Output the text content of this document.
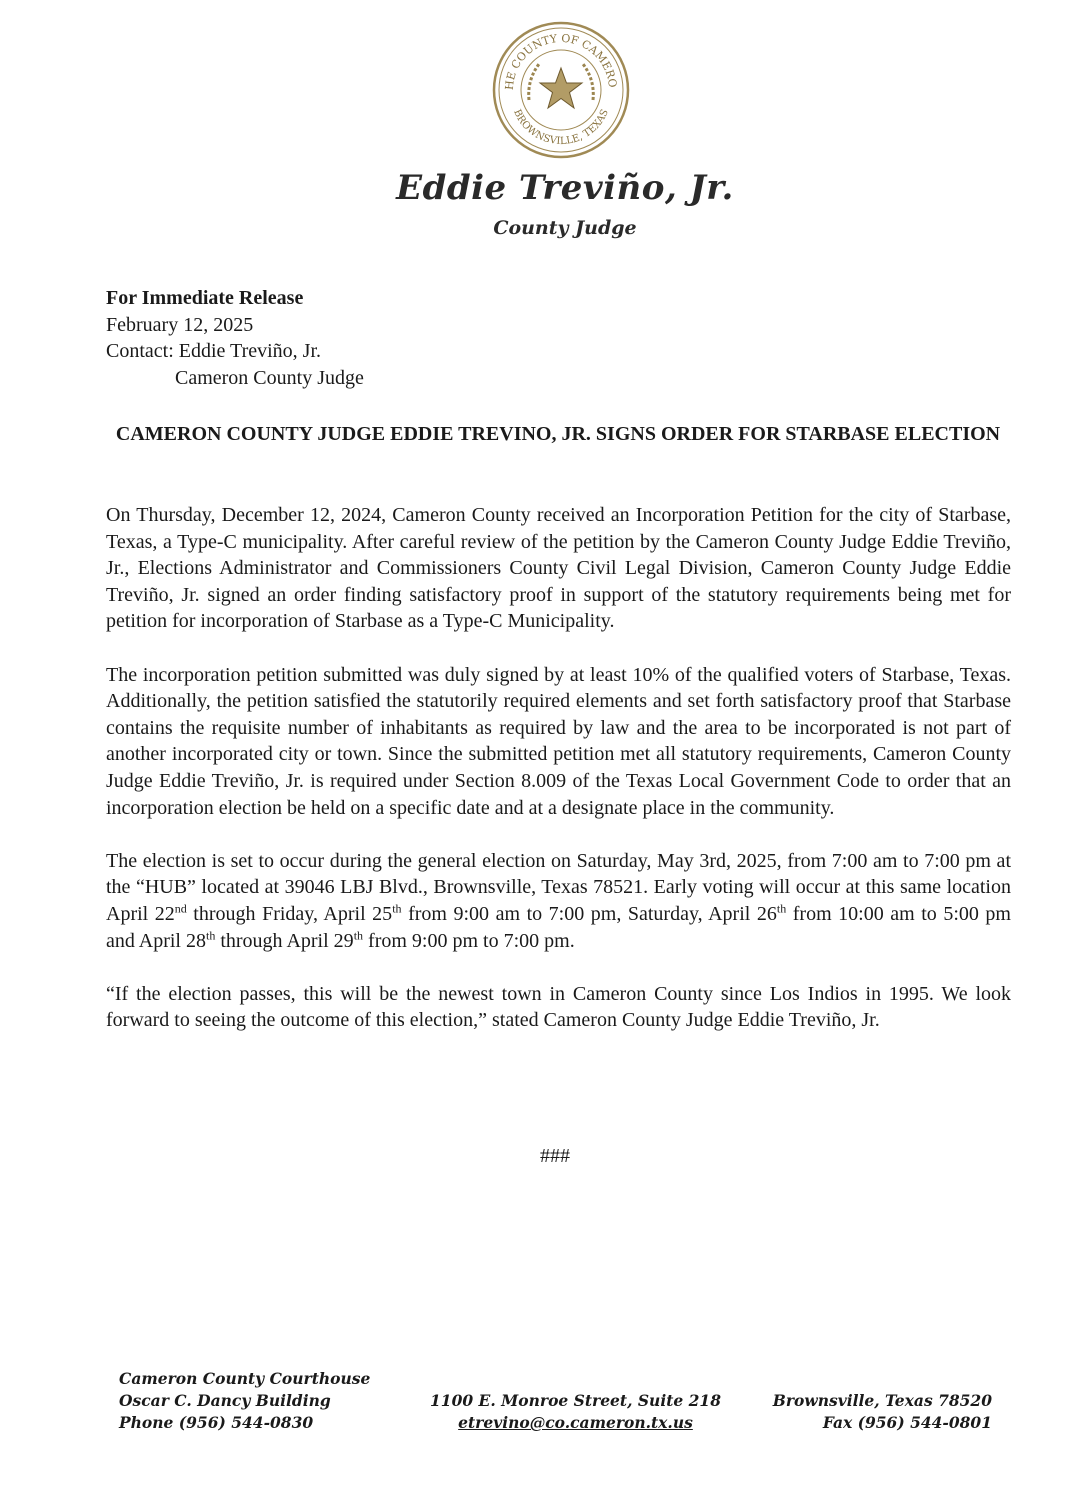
HE COUNTY OF CAMERO
BROWNSVILLE, TEXAS
Eddie Treviño, Jr.
County Judge
For Immediate Release
February 12, 2025
Contact: Eddie Treviño, Jr.
Cameron County Judge
CAMERON COUNTY JUDGE EDDIE TREVINO, JR. SIGNS ORDER FOR STARBASE ELECTION

On Thursday, December 12, 2024, Cameron County received an Incorporation Petition for the city of Starbase, Texas, a Type-C municipality. After careful review of the petition by the Cameron County Judge Eddie Treviño, Jr., Elections Administrator and Commissioners County Civil Legal Division, Cameron County Judge Eddie Treviño, Jr. signed an order finding satisfactory proof in support of the statutory requirements being met for petition for incorporation of Starbase as a Type-C Municipality.

The incorporation petition submitted was duly signed by at least 10% of the qualified voters of Starbase, Texas. Additionally, the petition satisfied the statutorily required elements and set forth satisfactory proof that Starbase contains the requisite number of inhabitants as required by law and the area to be incorporated is not part of another incorporated city or town. Since the submitted petition met all statutory requirements, Cameron County Judge Eddie Treviño, Jr. is required under Section 8.009 of the Texas Local Government Code to order that an incorporation election be held on a specific date and at a designate place in the community.

The election is set to occur during the general election on Saturday, May 3rd, 2025, from 7:00 am to 7:00 pm at the “HUB” located at 39046 LBJ Blvd., Brownsville, Texas 78521. Early voting will occur at this same location April 22nd through Friday, April 25th from 9:00 am to 7:00 pm, Saturday, April 26th from 10:00 am to 5:00 pm and April 28th through April 29th from 9:00 pm to 7:00 pm.

“If the election passes, this will be the newest town in Cameron County since Los Indios in 1995. We look forward to seeing the outcome of this election,” stated Cameron County Judge Eddie Treviño, Jr.

###
Cameron County Courthouse
Oscar C. Dancy Building
Phone (956) 544-0830
1100 E. Monroe Street, Suite 218
etrevino@co.cameron.tx.us
Brownsville, Texas 78520
Fax (956) 544-0801
